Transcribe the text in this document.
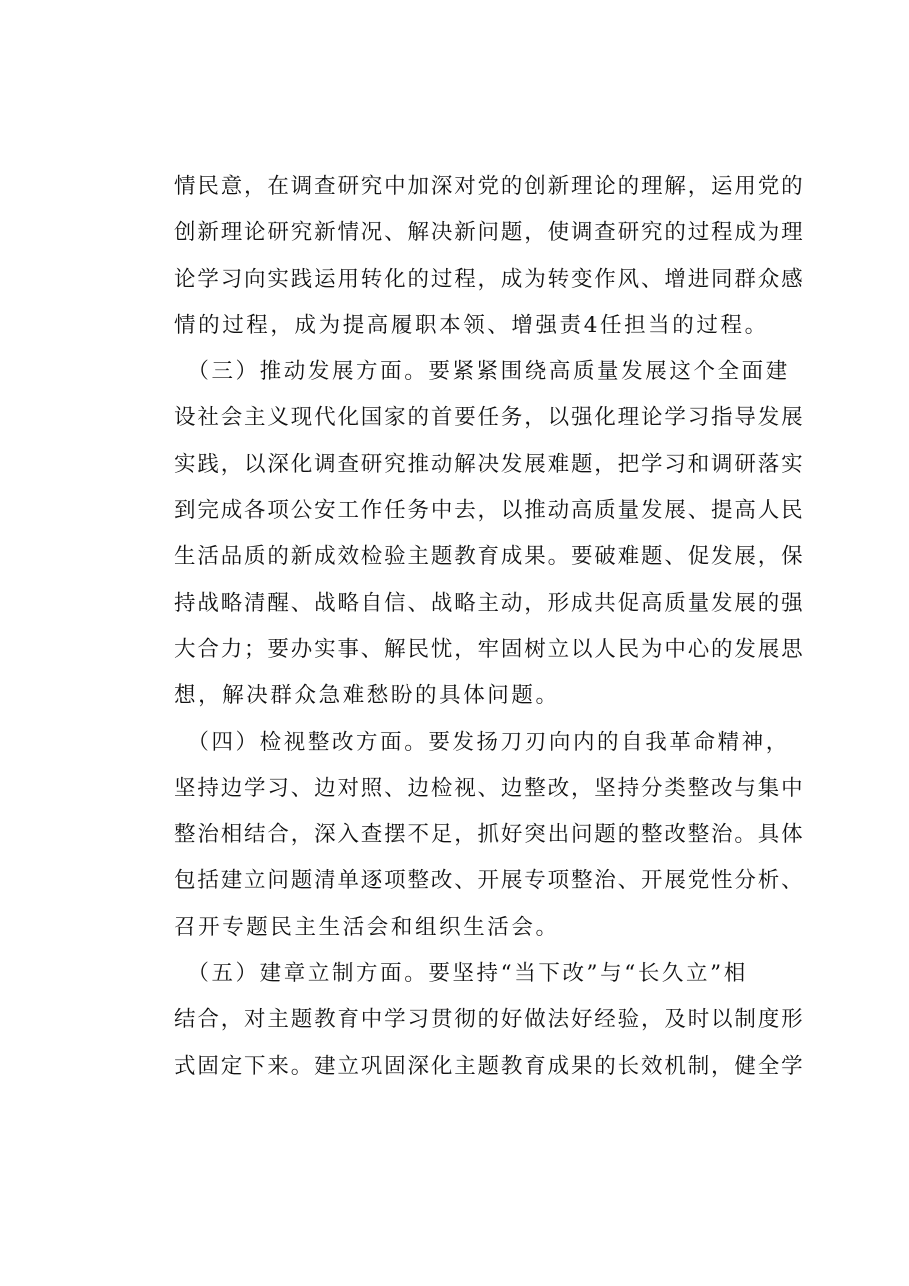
情民意，在调查研究中加深对党的创新理论的理解，运用党的
创新理论研究新情况、解决新问题，使调查研究的过程成为理
论学习向实践运用转化的过程，成为转变作风、增进同群众感
情的过程，成为提高履职本领、增强责4任担当的过程。
　（三）推动发展方面。要紧紧围绕高质量发展这个全面建
设社会主义现代化国家的首要任务，以强化理论学习指导发展
实践，以深化调查研究推动解决发展难题，把学习和调研落实
到完成各项公安工作任务中去，以推动高质量发展、提高人民
生活品质的新成效检验主题教育成果。要破难题、促发展，保
持战略清醒、战略自信、战略主动，形成共促高质量发展的强
大合力；要办实事、解民忧，牢固树立以人民为中心的发展思
想，解决群众急难愁盼的具体问题。
　（四）检视整改方面。要发扬刀刃向内的自我革命精神，
坚持边学习、边对照、边检视、边整改，坚持分类整改与集中
整治相结合，深入查摆不足，抓好突出问题的整改整治。具体
包括建立问题清单逐项整改、开展专项整治、开展党性分析、
召开专题民主生活会和组织生活会。
　（五）建章立制方面。要坚持“当下改”与“长久立”相
结合，对主题教育中学习贯彻的好做法好经验，及时以制度形
式固定下来。建立巩固深化主题教育成果的长效机制，健全学
